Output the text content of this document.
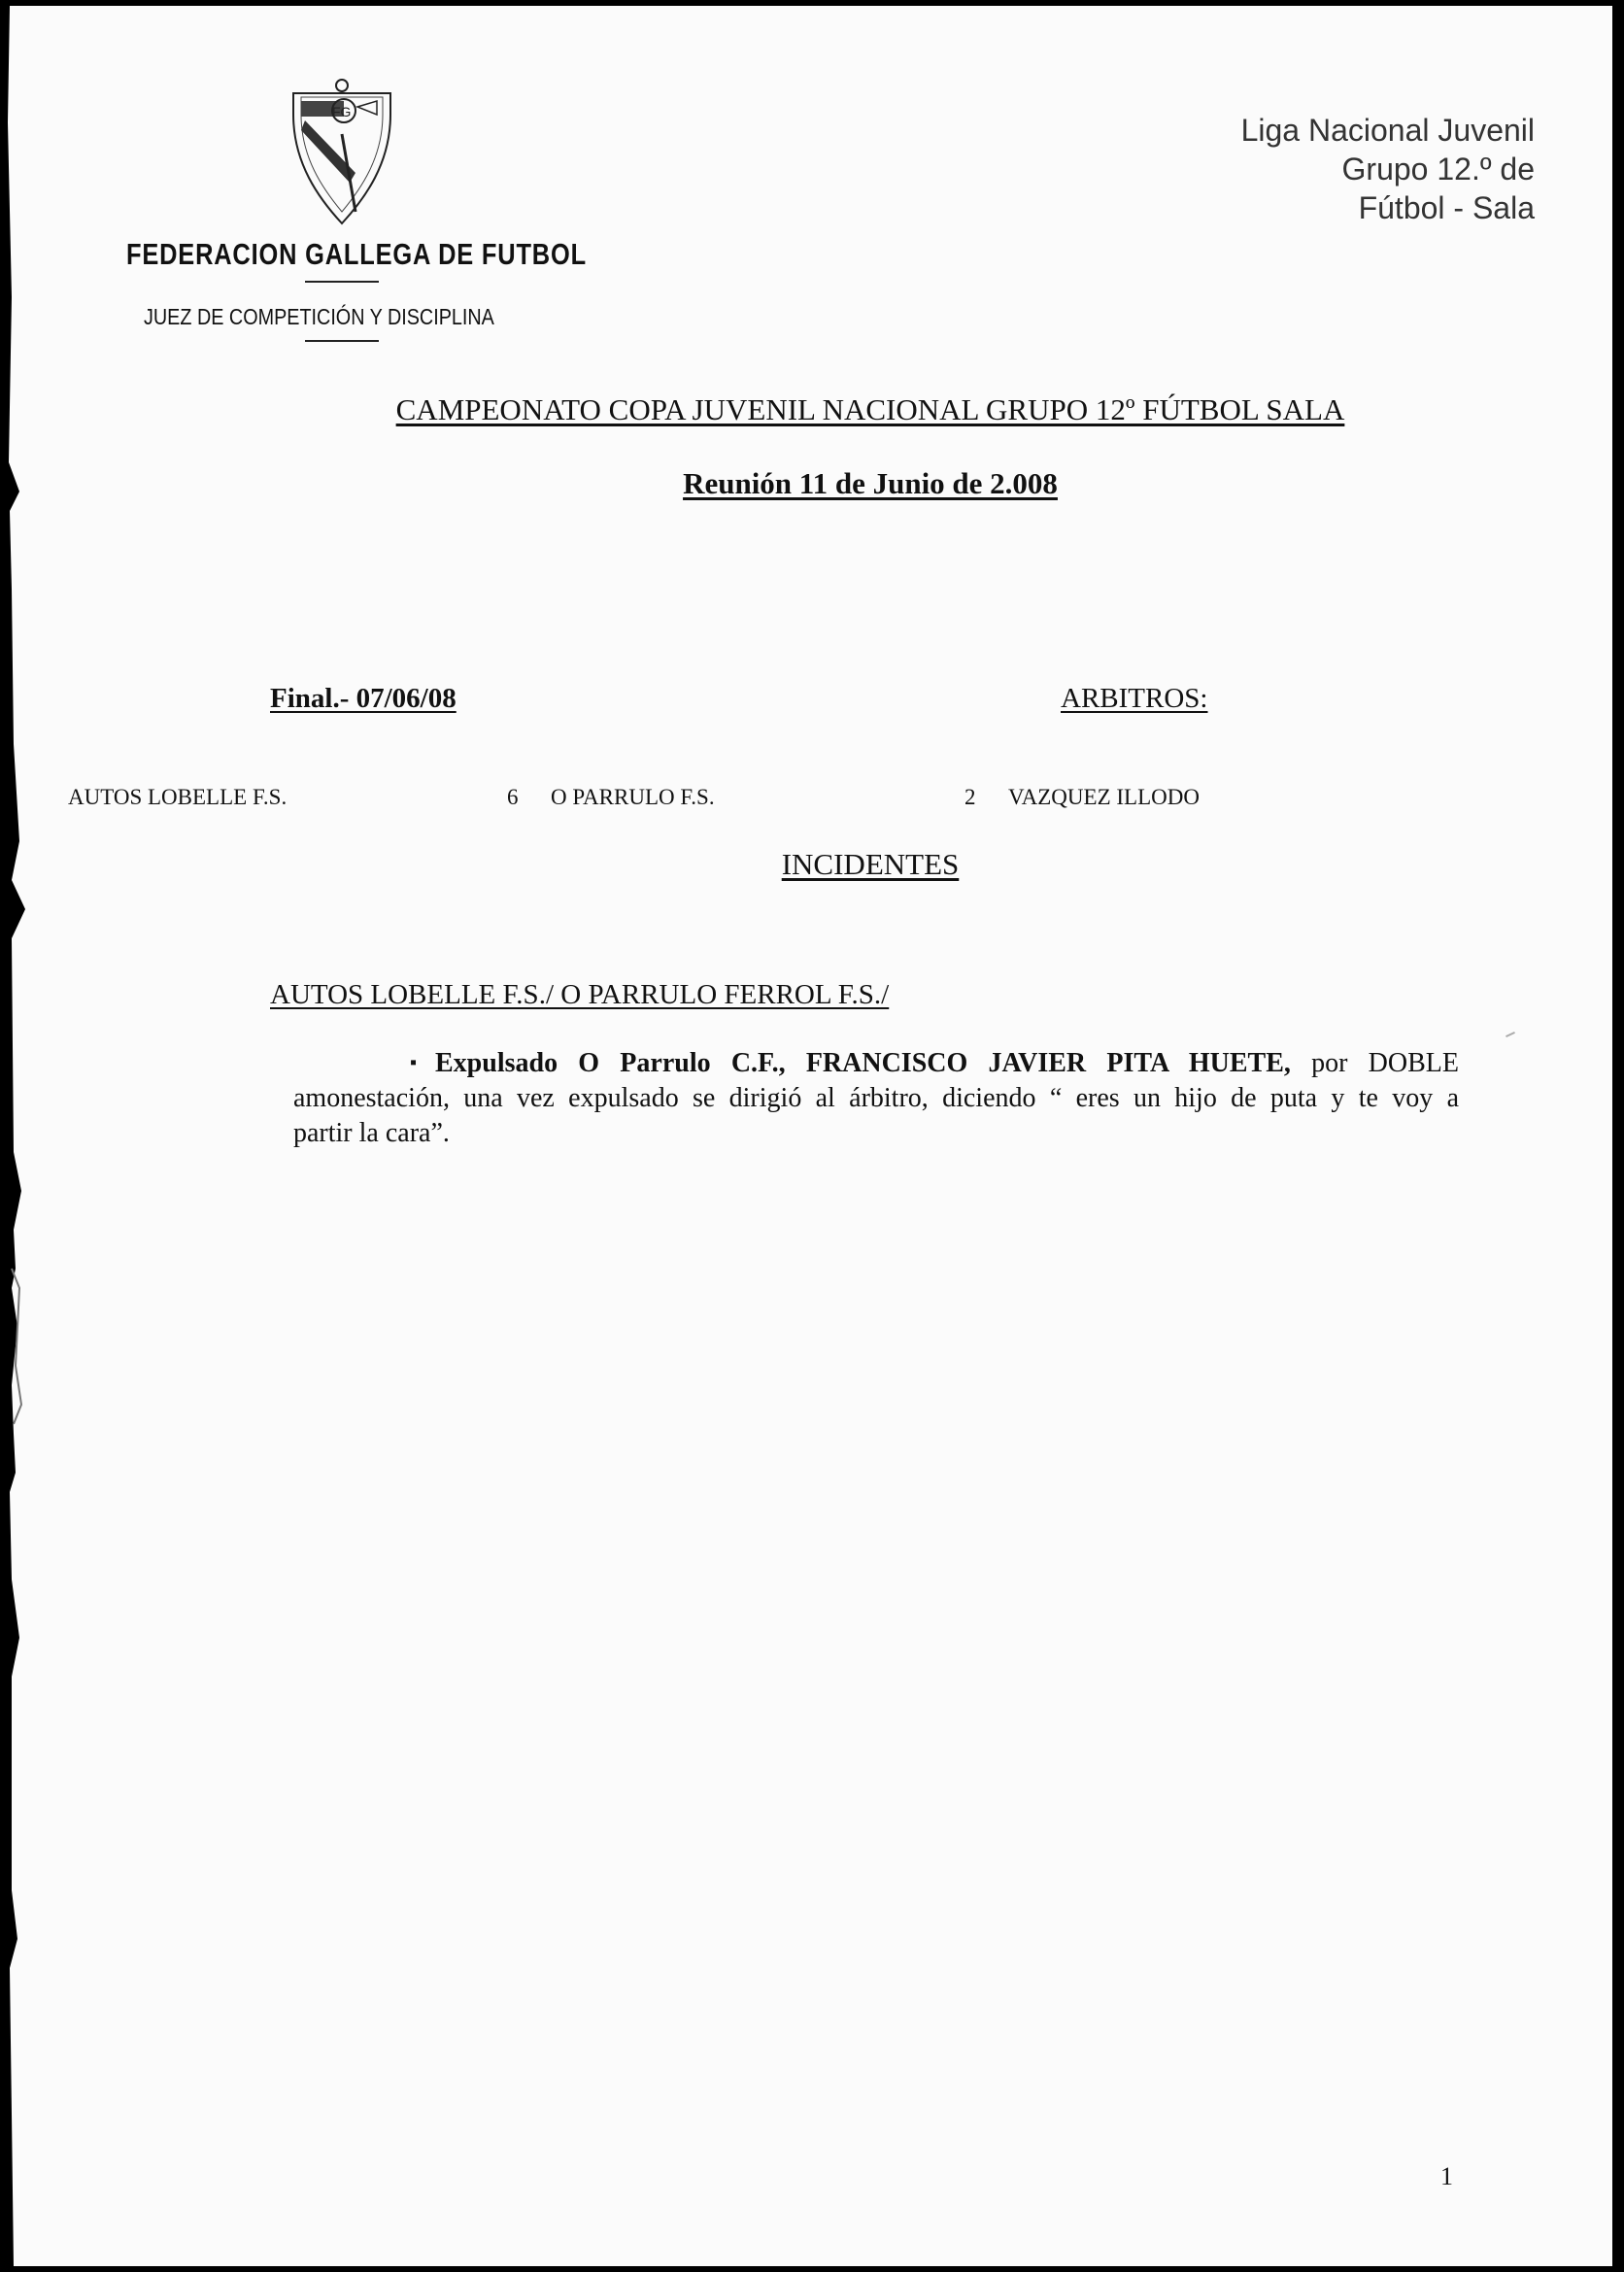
FG
FEDERACION GALLEGA DE FUTBOL
JUEZ DE COMPETICIÓN Y DISCIPLINA
Liga Nacional Juvenil
Grupo 12.º de
Fútbol - Sala
CAMPEONATO COPA JUVENIL NACIONAL GRUPO 12º FÚTBOL SALA
Reunión 11 de Junio de 2.008
Final.- 07/06/08	ARBITROS:
AUTOS LOBELLE F.S.	6 O PARRULO F.S.	2 VAZQUEZ ILLODO
INCIDENTES
AUTOS LOBELLE F.S./ O PARRULO FERROL F.S./
▪ Expulsado O Parrulo C.F., FRANCISCO JAVIER PITA HUETE, por DOBLE
amonestación, una vez expulsado se dirigió al árbitro, diciendo “ eres un hijo de puta y te voy a
partir la cara”.
1
